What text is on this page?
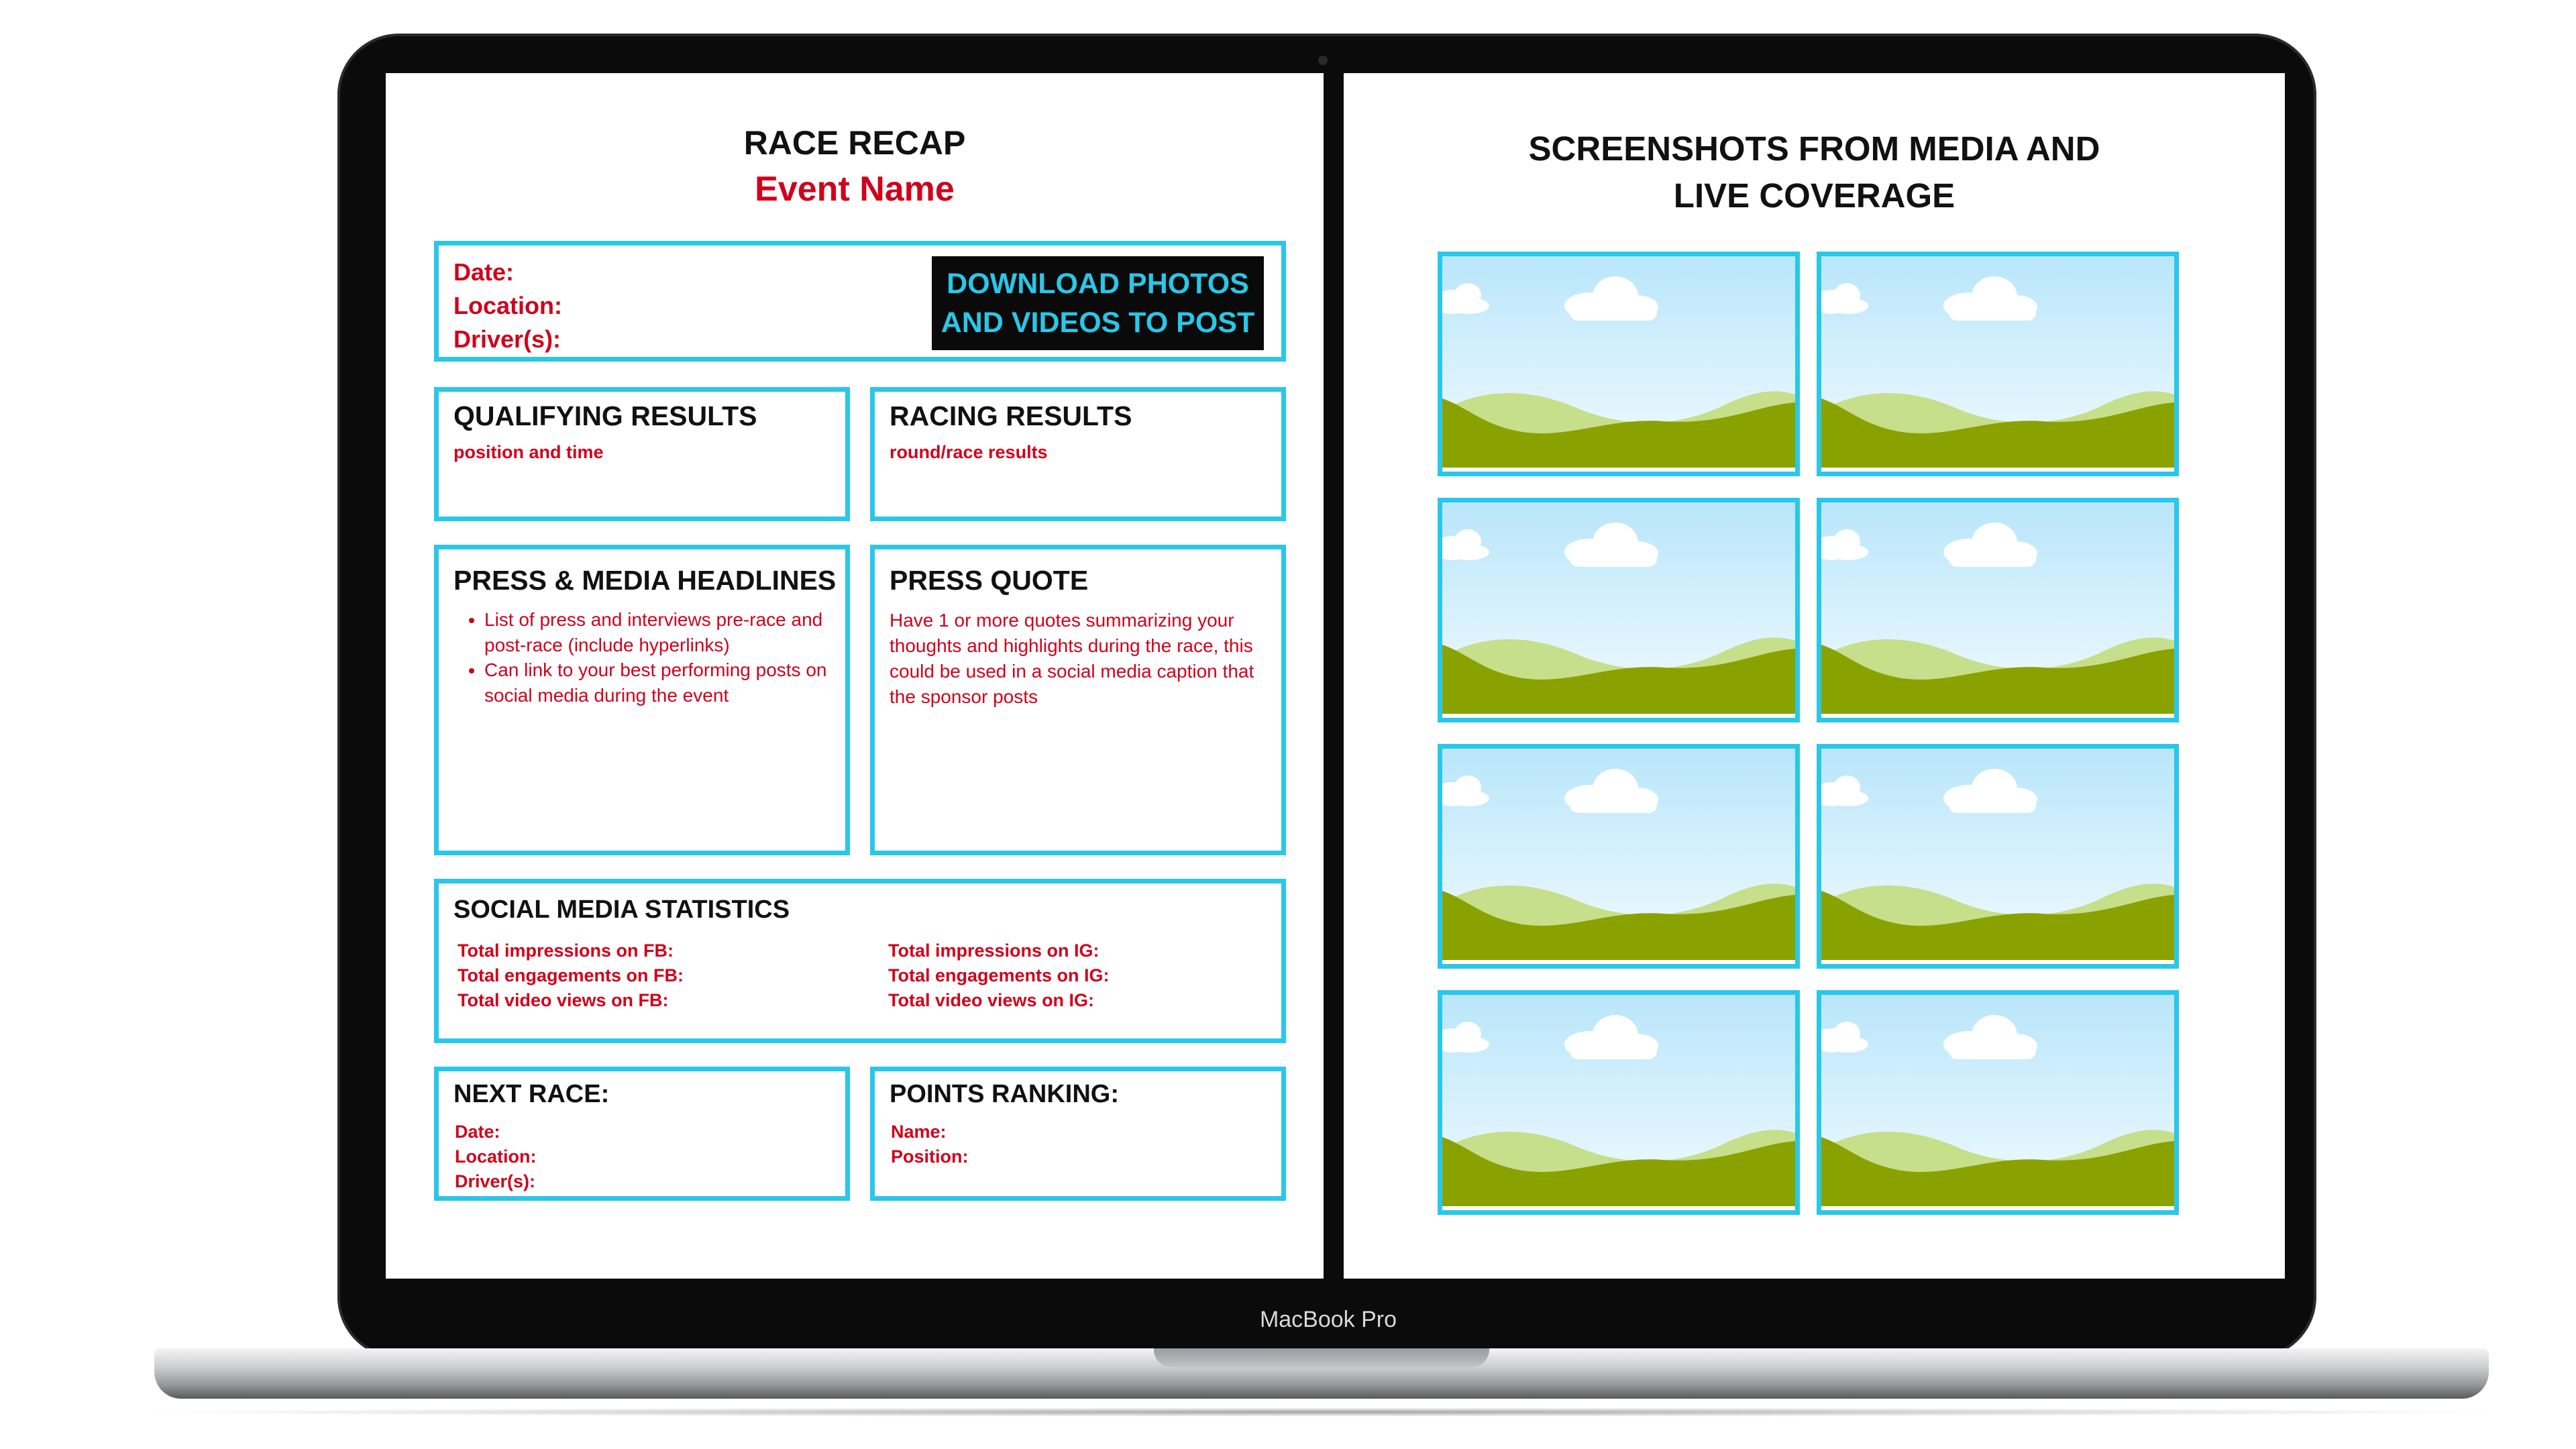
RACE RECAP
Event Name
Date:
Location:
Driver(s):
DOWNLOAD PHOTOS AND VIDEOS TO POST
QUALIFYING RESULTS
position and time
RACING RESULTS
round/race results
PRESS & MEDIA HEADLINES
• List of press and interviews pre-race and post-race (include hyperlinks)
• Can link to your best performing posts on social media during the event
PRESS QUOTE
Have 1 or more quotes summarizing your thoughts and highlights during the race, this could be used in a social media caption that the sponsor posts
SOCIAL MEDIA STATISTICS
Total impressions on FB:
Total engagements on FB:
Total video views on FB:
Total impressions on IG:
Total engagements on IG:
Total video views on IG:
NEXT RACE:
Date:
Location:
Driver(s):
POINTS RANKING:
Name:
Position:
SCREENSHOTS FROM MEDIA AND
LIVE COVERAGE
MacBook Pro
